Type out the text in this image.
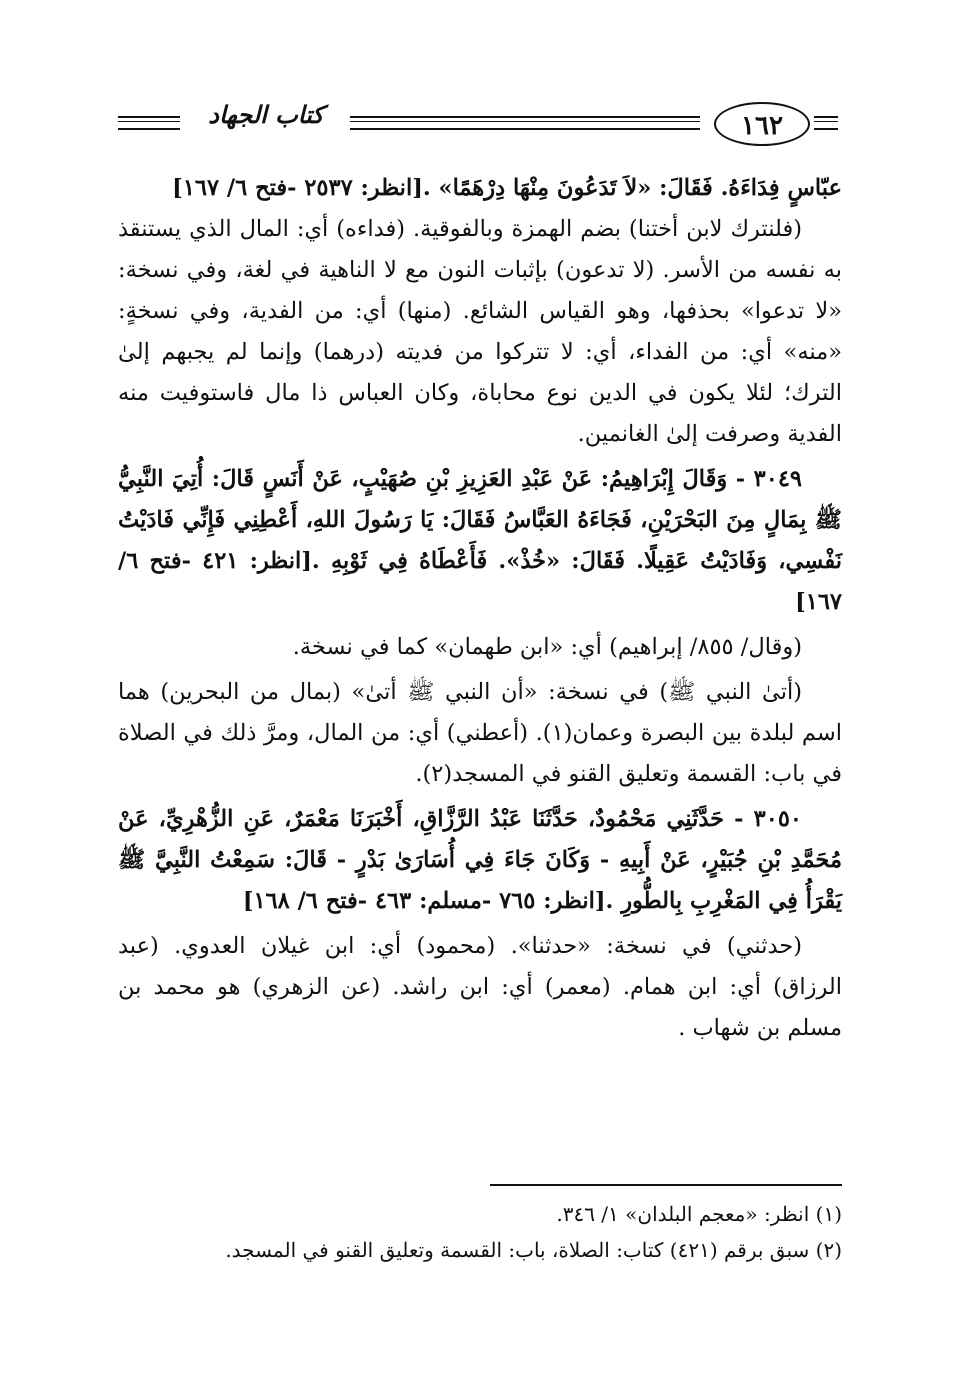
كتاب الجهاد	١٦٢

عبّاسٍ فِدَاءَهُ. فَقَالَ: «لاَ تَدَعُونَ مِنْهَا دِرْهَمًا» .[انظر: ٢٥٣٧ -فتح ٦/ ١٦٧]

(فلنترك لابن أختنا) بضم الهمزة وبالفوقية. (فداءه) أي: المال الذي يستنقذ به نفسه من الأسر. (لا تدعون) بإثبات النون مع لا الناهية في لغة، وفي نسخة: «لا تدعوا» بحذفها، وهو القياس الشائع. (منها) أي: من الفدية، وفي نسخةٍ: «منه» أي: من الفداء، أي: لا تتركوا من فديته (درهما) وإنما لم يجبهم إلىٰ الترك؛ لئلا يكون في الدين نوع محاباة، وكان العباس ذا مال فاستوفيت منه الفدية وصرفت إلىٰ الغانمين.

٣٠٤٩ - وَقَالَ إِبْرَاهِيمُ: عَنْ عَبْدِ العَزِيزِ بْنِ صُهَيْبٍ، عَنْ أَنَسٍ قَالَ: أُتِيَ النَّبِيُّ ﷺ بِمَالٍ مِنَ البَحْرَيْنِ، فَجَاءَهُ العَبَّاسُ فَقَالَ: يَا رَسُولَ اللهِ، أَعْطِنِي فَإِنِّي فَادَيْتُ نَفْسِي، وَفَادَيْتُ عَقِيلًا. فَقَالَ: «خُذْ». فَأَعْطَاهُ فِي ثَوْبِهِ .[انظر: ٤٢١ -فتح ٦/ ١٦٧]

(وقال/ ٨٥٥/ إبراهيم) أي: «ابن طهمان» كما في نسخة.

(أتىٰ النبي ﷺ) في نسخة: «أن النبي ﷺ أتىٰ» (بمال من البحرين) هما اسم لبلدة بين البصرة وعمان(١). (أعطني) أي: من المال، ومرَّ ذلك في الصلاة في باب: القسمة وتعليق القنو في المسجد(٢).

٣٠٥٠ - حَدَّثَنِي مَحْمُودٌ، حَدَّثَنَا عَبْدُ الرَّزَّاقِ، أَخْبَرَنَا مَعْمَرٌ، عَنِ الزُّهْرِيِّ، عَنْ مُحَمَّدِ بْنِ جُبَيْرٍ، عَنْ أَبِيهِ - وَكَانَ جَاءَ فِي أُسَارَىٰ بَدْرٍ - قَالَ: سَمِعْتُ النَّبِيَّ ﷺ يَقْرَأُ فِي المَغْرِبِ بِالطُّورِ .[انظر: ٧٦٥ -مسلم: ٤٦٣ -فتح ٦/ ١٦٨]

(حدثني) في نسخة: «حدثنا». (محمود) أي: ابن غيلان العدوي. (عبد الرزاق) أي: ابن همام. (معمر) أي: ابن راشد. (عن الزهري) هو محمد بن مسلم بن شهاب .

(١) انظر: «معجم البلدان» ١/ ٣٤٦.

(٢) سبق برقم (٤٢١) كتاب: الصلاة، باب: القسمة وتعليق القنو في المسجد.
